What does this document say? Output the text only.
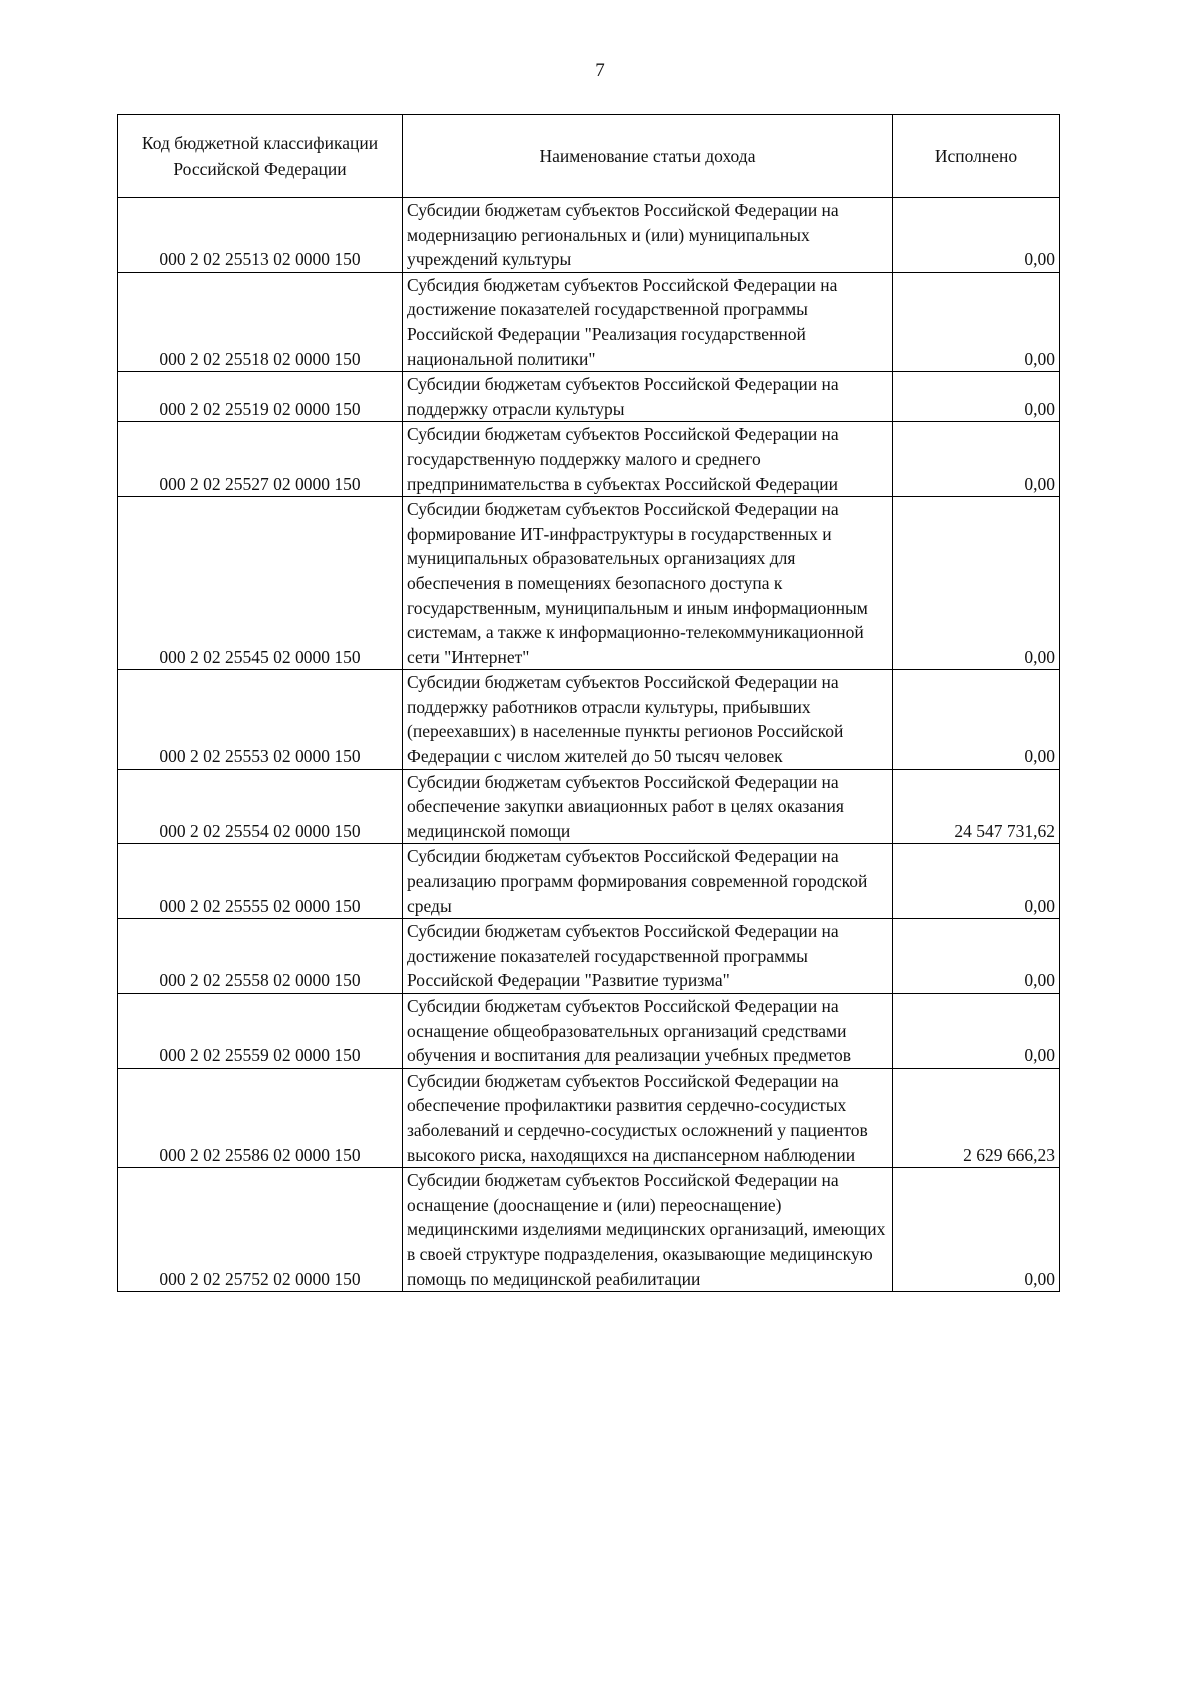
7
Код бюджетной классификации Российской Федерации	Наименование статьи дохода	Исполнено
000 2 02 25513 02 0000 150	Субсидии бюджетам субъектов Российской Федерации на модернизацию региональных и (или) муниципальных учреждений культуры	0,00
000 2 02 25518 02 0000 150	Субсидия бюджетам субъектов Российской Федерации на достижение показателей государственной программы Российской Федерации "Реализация государственной национальной политики"	0,00
000 2 02 25519 02 0000 150	Субсидии бюджетам субъектов Российской Федерации на поддержку отрасли культуры	0,00
000 2 02 25527 02 0000 150	Субсидии бюджетам субъектов Российской Федерации на государственную поддержку малого и среднего предпринимательства в субъектах Российской Федерации	0,00
000 2 02 25545 02 0000 150	Субсидии бюджетам субъектов Российской Федерации на формирование ИТ-инфраструктуры в государственных и муниципальных образовательных организациях для обеспечения в помещениях безопасного доступа к государственным, муниципальным и иным информационным системам, а также к информационно-телекоммуникационной сети "Интернет"	0,00
000 2 02 25553 02 0000 150	Субсидии бюджетам субъектов Российской Федерации на поддержку работников отрасли культуры, прибывших (переехавших) в населенные пункты регионов Российской Федерации с числом жителей до 50 тысяч человек	0,00
000 2 02 25554 02 0000 150	Субсидии бюджетам субъектов Российской Федерации на обеспечение закупки авиационных работ в целях оказания медицинской помощи	24 547 731,62
000 2 02 25555 02 0000 150	Субсидии бюджетам субъектов Российской Федерации на реализацию программ формирования современной городской среды	0,00
000 2 02 25558 02 0000 150	Субсидии бюджетам субъектов Российской Федерации на достижение показателей государственной программы Российской Федерации "Развитие туризма"	0,00
000 2 02 25559 02 0000 150	Субсидии бюджетам субъектов Российской Федерации на оснащение общеобразовательных организаций средствами обучения и воспитания для реализации учебных предметов	0,00
000 2 02 25586 02 0000 150	Субсидии бюджетам субъектов Российской Федерации на обеспечение профилактики развития сердечно-сосудистых заболеваний и сердечно-сосудистых осложнений у пациентов высокого риска, находящихся на диспансерном наблюдении	2 629 666,23
000 2 02 25752 02 0000 150	Субсидии бюджетам субъектов Российской Федерации на оснащение (дооснащение и (или) переоснащение) медицинскими изделиями медицинских организаций, имеющих в своей структуре подразделения, оказывающие медицинскую помощь по медицинской реабилитации	0,00
